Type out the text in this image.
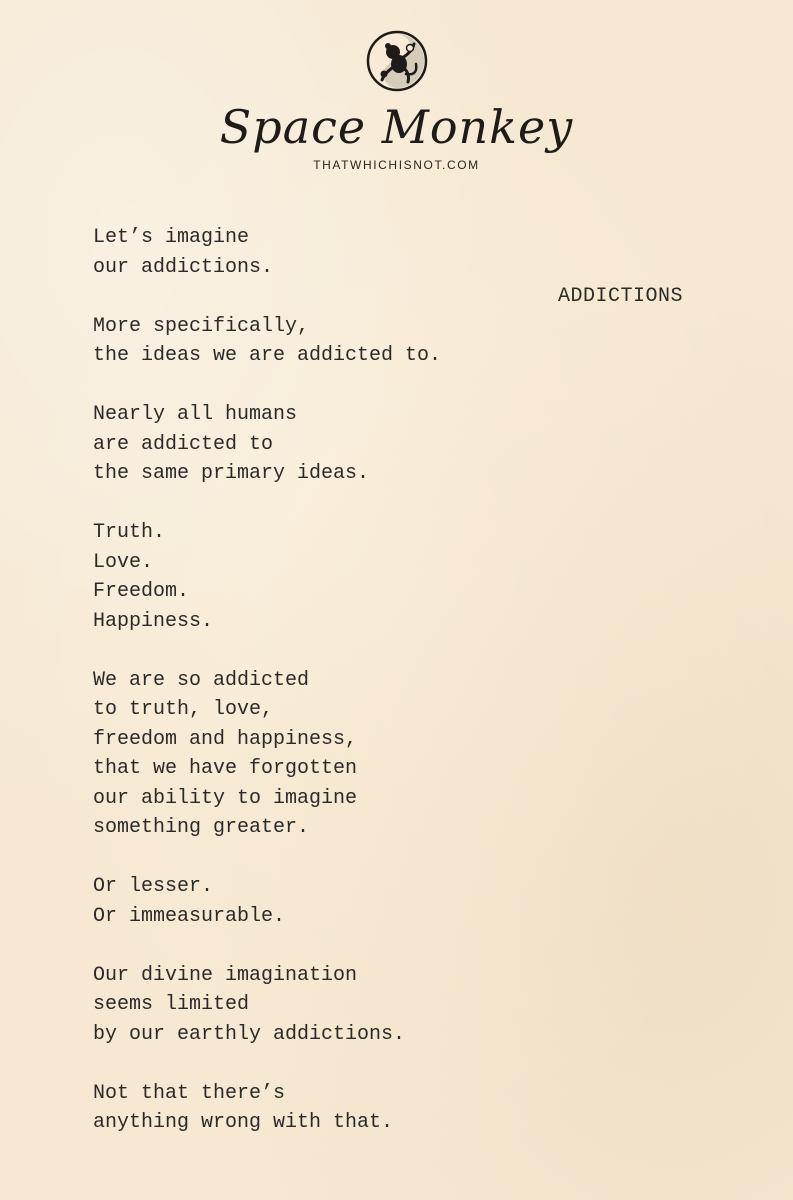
Space Monkey
THATWHICHISNOT.COM
ADDICTIONS
Let’s imagine
our addictions.
More specifically,
the ideas we are addicted to.
Nearly all humans
are addicted to
the same primary ideas.
Truth.
Love.
Freedom.
Happiness.
We are so addicted
to truth, love,
freedom and happiness,
that we have forgotten
our ability to imagine
something greater.
Or lesser.
Or immeasurable.
Our divine imagination
seems limited
by our earthly addictions.
Not that there’s
anything wrong with that.
